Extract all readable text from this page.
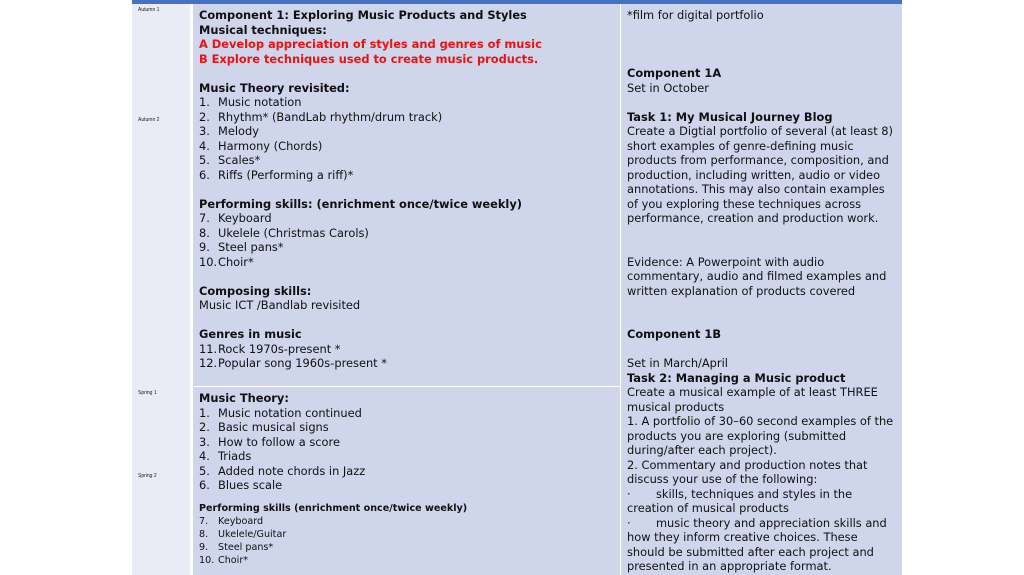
Autumn 1
Autumn 2
Spring 1
Spring 2
Component 1: Exploring Music Products and Styles
Musical techniques:
A Develop appreciation of styles and genres of music
B Explore techniques used to create music products.
Music Theory revisited:
1. Music notation
2. Rhythm* (BandLab rhythm/drum track)
3. Melody
4. Harmony (Chords)
5. Scales*
6. Riffs (Performing a riff)*
Performing skills: (enrichment once/twice weekly)
7. Keyboard
8. Ukelele (Christmas Carols)
9. Steel pans*
10.Choir*
Composing skills:
Music ICT /Bandlab revisited
Genres in music
11.Rock 1970s-present *
12.Popular song 1960s-present *
Music Theory:
1. Music notation continued
2. Basic musical signs
3. How to follow a score
4. Triads
5. Added note chords in Jazz
6. Blues scale
Performing skills (enrichment once/twice weekly)
7. Keyboard
8. Ukelele/Guitar
9. Steel pans*
10. Choir*
*film for digital portfolio
Component 1A
Set in October
Task 1: My Musical Journey Blog
Create a Digtial portfolio of several (at least 8) short examples of genre-defining music products from performance, composition, and production, including written, audio or video annotations. This may also contain examples of you exploring these techniques across performance, creation and production work.
Evidence: A Powerpoint with audio commentary, audio and filmed examples and written explanation of products covered
Component 1B
Set in March/April
Task 2: Managing a Music product
Create a musical example of at least THREE musical products
1. A portfolio of 30–60 second examples of the products you are exploring (submitted during/after each project).
2. Commentary and production notes that discuss your use of the following:
·       skills, techniques and styles in the creation of musical products
·       music theory and appreciation skills and how they inform creative choices. These should be submitted after each project and presented in an appropriate format.
